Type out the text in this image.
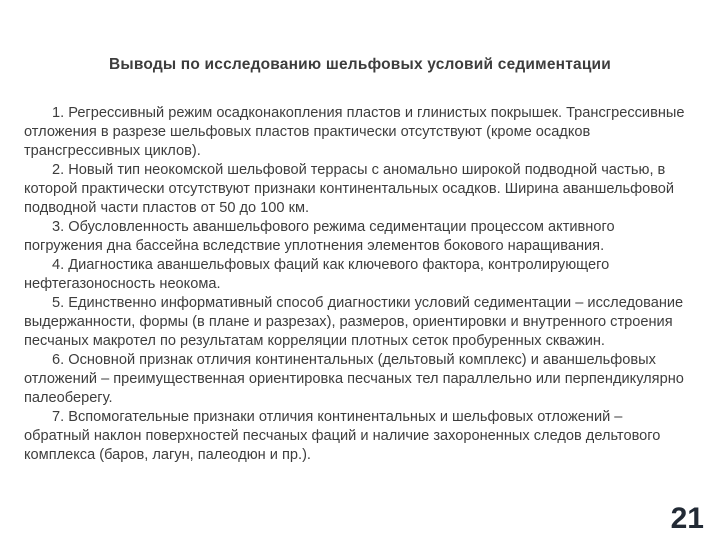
Выводы по исследованию шельфовых условий седиментации

1. Регрессивный режим осадконакопления пластов и глинистых покрышек. Трансгрессивные отложения в разрезе шельфовых пластов практически отсутствуют (кроме осадков трансгрессивных циклов).

2. Новый тип неокомской шельфовой террасы с аномально широкой подводной частью, в которой практически отсутствуют признаки континентальных осадков. Ширина аваншельфовой подводной части пластов от 50 до 100 км.

3. Обусловленность аваншельфового режима седиментации процессом активного погружения дна бассейна вследствие уплотнения элементов бокового наращивания.

4. Диагностика аваншельфовых фаций как ключевого фактора, контролирующего нефтегазоносность неокома.

5. Единственно информативный способ диагностики условий седиментации – исследование выдержанности, формы (в плане и разрезах), размеров, ориентировки и внутренного строения песчаных макротел по результатам корреляции плотных сеток пробуренных скважин.

6. Основной признак отличия континентальных (дельтовый комплекс) и аваншельфовых отложений – преимущественная ориентировка песчаных тел параллельно или перпендикулярно палеоберегу.

7. Вспомогательные признаки отличия континентальных и шельфовых отложений – обратный наклон поверхностей песчаных фаций и наличие захороненных следов дельтового комплекса (баров, лагун, палеодюн и пр.).

21
